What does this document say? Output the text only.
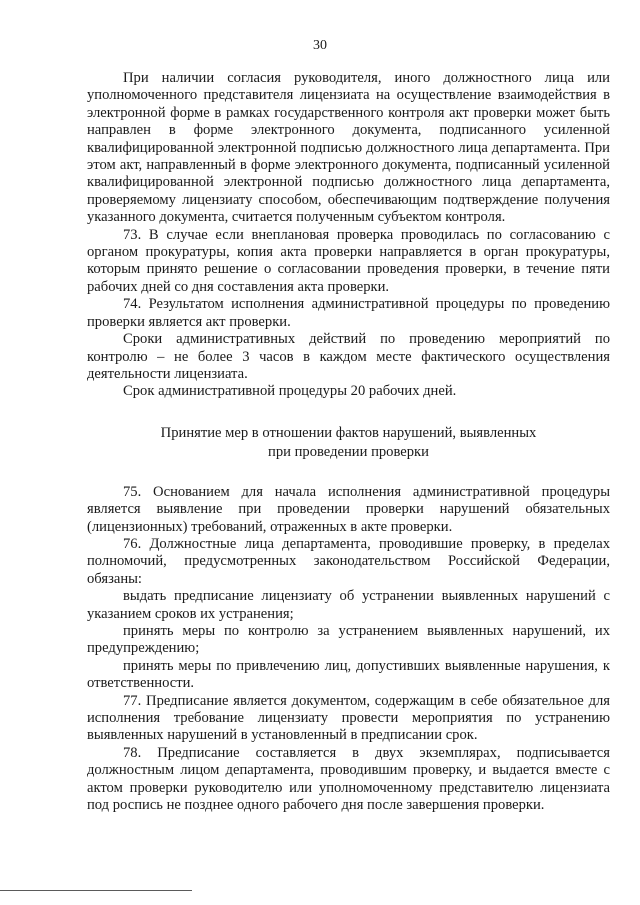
30

При наличии согласия руководителя, иного должностного лица или уполномоченного представителя лицензиата на осуществление взаимодействия в электронной форме в рамках государственного контроля акт проверки может быть направлен в форме электронного документа, подписанного усиленной квалифицированной электронной подписью должностного лица департамента. При этом акт, направленный в форме электронного документа, подписанный усиленной квалифицированной электронной подписью должностного лица департамента, проверяемому лицензиату способом, обеспечивающим подтверждение получения указанного документа, считается полученным субъектом контроля.

73. В случае если внеплановая проверка проводилась по согласованию с органом прокуратуры, копия акта проверки направляется в орган прокуратуры, которым принято решение о согласовании проведения проверки, в течение пяти рабочих дней со дня составления акта проверки.

74. Результатом исполнения административной процедуры по проведению проверки является акт проверки.

Сроки административных действий по проведению мероприятий по контролю – не более 3 часов в каждом месте фактического осуществления деятельности лицензиата.

Срок административной процедуры 20 рабочих дней.

Принятие мер в отношении фактов нарушений, выявленных
при проведении проверки

75. Основанием для начала исполнения административной процедуры является выявление при проведении проверки нарушений обязательных (лицензионных) требований, отраженных в акте проверки.

76. Должностные лица департамента, проводившие проверку, в пределах полномочий, предусмотренных законодательством Российской Федерации, обязаны:

выдать предписание лицензиату об устранении выявленных нарушений с указанием сроков их устранения;

принять меры по контролю за устранением выявленных нарушений, их предупреждению;

принять меры по привлечению лиц, допустивших выявленные нарушения, к ответственности.

77. Предписание является документом, содержащим в себе обязательное для исполнения требование лицензиату провести мероприятия по устранению выявленных нарушений в установленный в предписании срок.

78. Предписание составляется в двух экземплярах, подписывается должностным лицом департамента, проводившим проверку, и выдается вместе с актом проверки руководителю или уполномоченному представителю лицензиата под роспись не позднее одного рабочего дня после завершения проверки.
